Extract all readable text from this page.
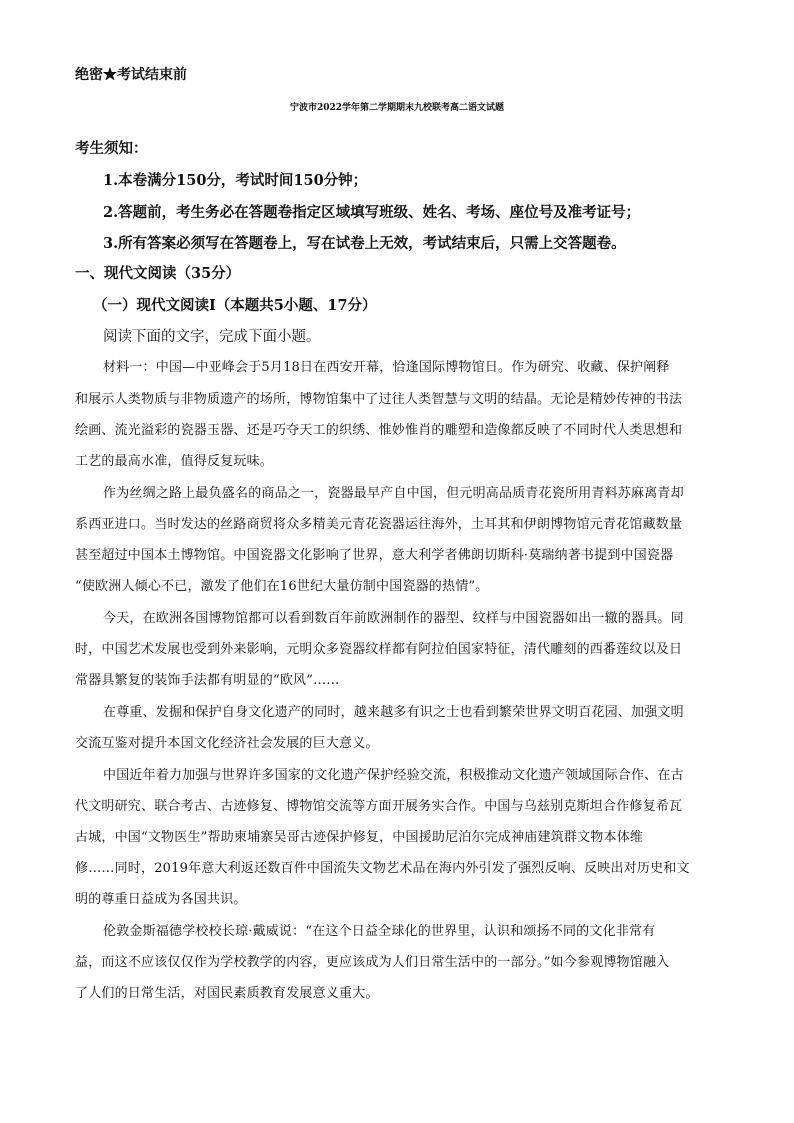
绝密★考试结束前
宁波市2022学年第二学期期末九校联考高二语文试题
考生须知：
1.本卷满分150分，考试时间150分钟；
2.答题前，考生务必在答题卷指定区域填写班级、姓名、考场、座位号及准考证号；
3.所有答案必须写在答题卷上，写在试卷上无效，考试结束后，只需上交答题卷。
一、现代文阅读（35分）
（一）现代文阅读Ⅰ（本题共5小题、17分）
阅读下面的文字，完成下面小题。
材料一：中国—中亚峰会于5月18日在西安开幕，恰逢国际博物馆日。作为研究、收藏、保护阐释
和展示人类物质与非物质遗产的场所，博物馆集中了过往人类智慧与文明的结晶。无论是精妙传神的书法
绘画、流光溢彩的瓷器玉器、还是巧夺天工的织绣、惟妙惟肖的雕塑和造像都反映了不同时代人类思想和
工艺的最高水准，值得反复玩味。
作为丝绸之路上最负盛名的商品之一，瓷器最早产自中国，但元明高品质青花瓷所用青料苏麻离青却
系西亚进口。当时发达的丝路商贸将众多精美元青花瓷器运往海外，土耳其和伊朗博物馆元青花馆藏数量
甚至超过中国本土博物馆。中国瓷器文化影响了世界，意大利学者佛朗切斯科·莫瑞纳著书提到中国瓷器
“使欧洲人倾心不已，激发了他们在16世纪大量仿制中国瓷器的热情”。
今天，在欧洲各国博物馆都可以看到数百年前欧洲制作的器型、纹样与中国瓷器如出一辙的器具。同
时，中国艺术发展也受到外来影响，元明众多瓷器纹样都有阿拉伯国家特征，清代雕刻的西番莲纹以及日
常器具繁复的装饰手法都有明显的“欧风”……
在尊重、发掘和保护自身文化遗产的同时，越来越多有识之士也看到繁荣世界文明百花园、加强文明
交流互鉴对提升本国文化经济社会发展的巨大意义。
中国近年着力加强与世界许多国家的文化遗产保护经验交流，积极推动文化遗产领域国际合作、在古
代文明研究、联合考古、古迹修复、博物馆交流等方面开展务实合作。中国与乌兹别克斯坦合作修复希瓦
古城，中国“文物医生”帮助柬埔寨吴哥古迹保护修复，中国援助尼泊尔完成神庙建筑群文物本体维
修……同时，2019年意大利返还数百件中国流失文物艺术品在海内外引发了强烈反响、反映出对历史和文
明的尊重日益成为各国共识。
伦敦金斯福德学校校长琼·戴威说：“在这个日益全球化的世界里，认识和颂扬不同的文化非常有
益，而这不应该仅仅作为学校教学的内容，更应该成为人们日常生活中的一部分。”如今参观博物馆融入
了人们的日常生活，对国民素质教育发展意义重大。
